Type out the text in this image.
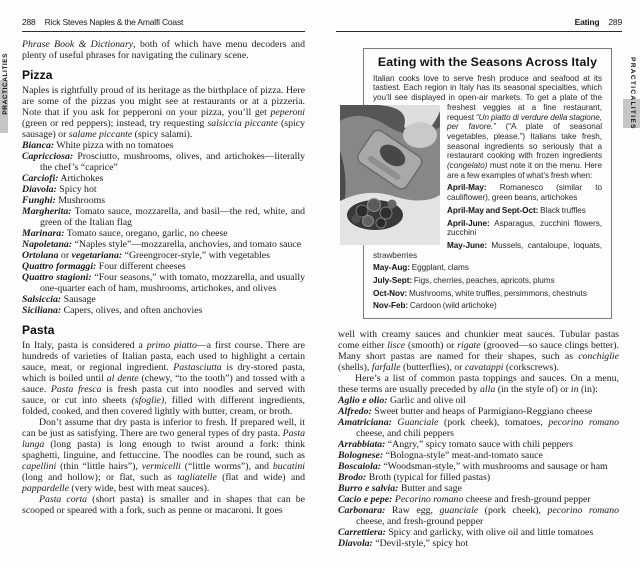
288 Rick Steves Naples & the Amalfi Coast
PRACTICALITIES

Phrase Book & Dictionary, both of which have menu decoders and plenty of useful phrases for navigating the culinary scene.

Pizza

Naples is rightfully proud of its heritage as the birthplace of pizza. Here are some of the pizzas you might see at restaurants or at a pizzeria. Note that if you ask for pepperoni on your pizza, you’ll get peperoni (green or red peppers); instead, try requesting salsiccia piccante (spicy sausage) or salame piccante (spicy salami).

Bianca: White pizza with no tomatoes
Capricciosa: Prosciutto, mushrooms, olives, and artichokes—literally the chef’s “caprice”
Carciofi: Artichokes
Diavola: Spicy hot
Funghi: Mushrooms
Margherita: Tomato sauce, mozzarella, and basil—the red, white, and green of the Italian flag
Marinara: Tomato sauce, oregano, garlic, no cheese
Napoletana: “Naples style”—mozzarella, anchovies, and tomato sauce
Ortolana or vegetariana: “Greengrocer-style,” with vegetables
Quattro formaggi: Four different cheeses
Quattro stagioni: “Four seasons,” with tomato, mozzarella, and usually one-quarter each of ham, mushrooms, artichokes, and olives
Salsiccia: Sausage
Siciliana: Capers, olives, and often anchovies
Pasta

In Italy, pasta is considered a primo piatto—a first course. There are hundreds of varieties of Italian pasta, each used to highlight a certain sauce, meat, or regional ingredient. Pastasciutta is dry-stored pasta, which is boiled until al dente (chewy, “to the tooth”) and tossed with a sauce. Pasta fresca is fresh pasta cut into noodles and served with sauce, or cut into sheets (sfoglie), filled with different ingredients, folded, cooked, and then covered lightly with butter, cream, or broth.

Don’t assume that dry pasta is inferior to fresh. If prepared well, it can be just as satisfying. There are two general types of dry pasta. Pasta lunga (long pasta) is long enough to twist around a fork: think spaghetti, linguine, and fettuccine. The noodles can be round, such as capellini (thin “little hairs”), vermicelli (“little worms”), and bucatini (long and hollow); or flat, such as tagliatelle (flat and wide) and pappardelle (very wide, best with meat sauces).

Pasta corta (short pasta) is smaller and in shapes that can be scooped or speared with a fork, such as penne or macaroni. It goes

Eating 289
PRACTICALITIES
Eating with the Seasons Across Italy
Italian cooks love to serve fresh produce and seafood at its tastiest. Each region in Italy has its seasonal specialties, which you’ll see displayed in open-air markets. To get a plate of the
freshest veggies at a fine restaurant, request “Un piatto di verdure della stagione, per favore.” (“A plate of seasonal vegetables, please.”) Italians take fresh, seasonal ingredients so seriously that a restaurant cooking with frozen ingredients (congelato) must note it on the menu. Here are a few examples of what’s fresh when:
April-May: Romanesco (similar to cauliflower), green beans, artichokes
April-May and Sept-Oct: Black truffles
April-June: Asparagus, zucchini flowers, zucchini
May-June: Mussels, cantaloupe, loquats, strawberries
May-Aug: Eggplant, clams
July-Sept: Figs, cherries, peaches, apricots, plums
Oct-Nov: Mushrooms, white truffles, persimmons, chestnuts
Nov-Feb: Cardoon (wild artichoke)

well with creamy sauces and chunkier meat sauces. Tubular pastas come either lisce (smooth) or rigate (grooved—so sauce clings better). Many short pastas are named for their shapes, such as conchiglie (shells), farfalle (butterflies), or cavatappi (corkscrews).

Here’s a list of common pasta toppings and sauces. On a menu, these terms are usually preceded by alla (in the style of) or in (in):

Aglio e olio: Garlic and olive oil
Alfredo: Sweet butter and heaps of Parmigiano-Reggiano cheese
Amatriciana: Guanciale (pork cheek), tomatoes, pecorino romano cheese, and chili peppers
Arrabbiata: “Angry,” spicy tomato sauce with chili peppers
Bolognese: “Bologna-style” meat-and-tomato sauce
Boscaiola: “Woodsman-style,” with mushrooms and sausage or ham
Brodo: Broth (typical for filled pastas)
Burro e salvia: Butter and sage
Cacio e pepe: Pecorino romano cheese and fresh-ground pepper
Carbonara: Raw egg, guanciale (pork cheek), pecorino romano cheese, and fresh-ground pepper
Carrettiera: Spicy and garlicky, with olive oil and little tomatoes
Diavola: “Devil-style,” spicy hot
